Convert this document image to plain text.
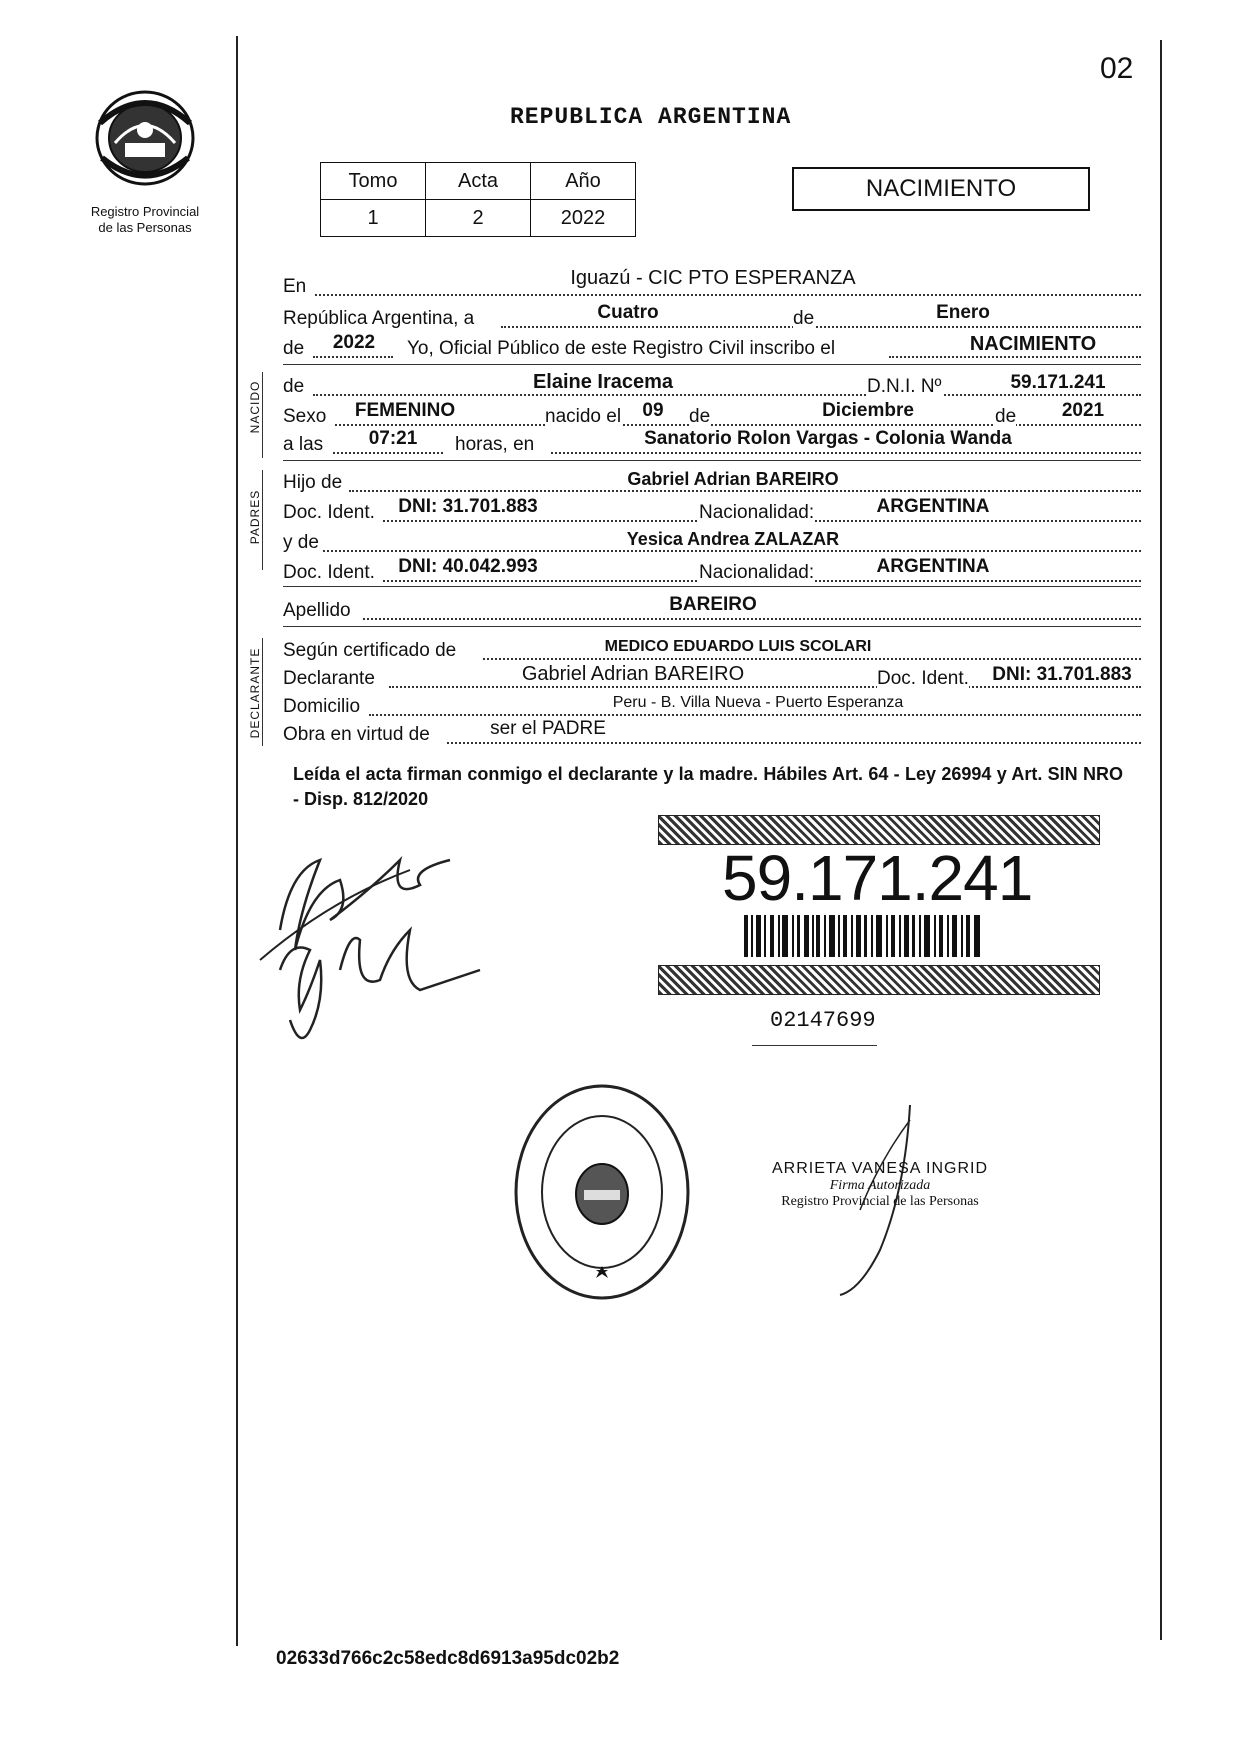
02
Registro Provincial
de las Personas
REPUBLICA ARGENTINA
Tomo	Acta	Año
1	2	2022
NACIMIENTO
En	Iguazú - CIC PTO ESPERANZA
República Argentina, a	Cuatro	de	Enero
de	2022	Yo, Oficial Público de este Registro Civil inscribo el	NACIMIENTO
NACIDO de	Elaine Iracema	D.N.I. Nº	59.171.241
Sexo	FEMENINO	nacido el	09	de	Diciembre	de	2021
a las 07:21	horas, en	Sanatorio Rolon Vargas - Colonia Wanda
PADRES
Hijo de	Gabriel Adrian BAREIRO
Doc. Ident.	DNI: 31.701.883	Nacionalidad:	ARGENTINA
y de	Yesica Andrea ZALAZAR
Doc. Ident.	DNI: 40.042.993	Nacionalidad:	ARGENTINA
Apellido	BAREIRO
DECLARANTE Según certificado de	MEDICO EDUARDO LUIS SCOLARI
Declarante	Gabriel Adrian BAREIRO	Doc. Ident.	DNI: 31.701.883
Domicilio	Peru - B. Villa Nueva - Puerto Esperanza
Obra en virtud de	ser el PADRE
Leída el acta firman conmigo el declarante y la madre. Hábiles Art. 64 - Ley 26994 y Art. SIN NRO - Disp. 812/2020
59.171.241
02147699
ARRIETA VANESA INGRID
Firma Autorizada
Registro Provincial de las Personas
02633d766c2c58edc8d6913a95dc02b2
